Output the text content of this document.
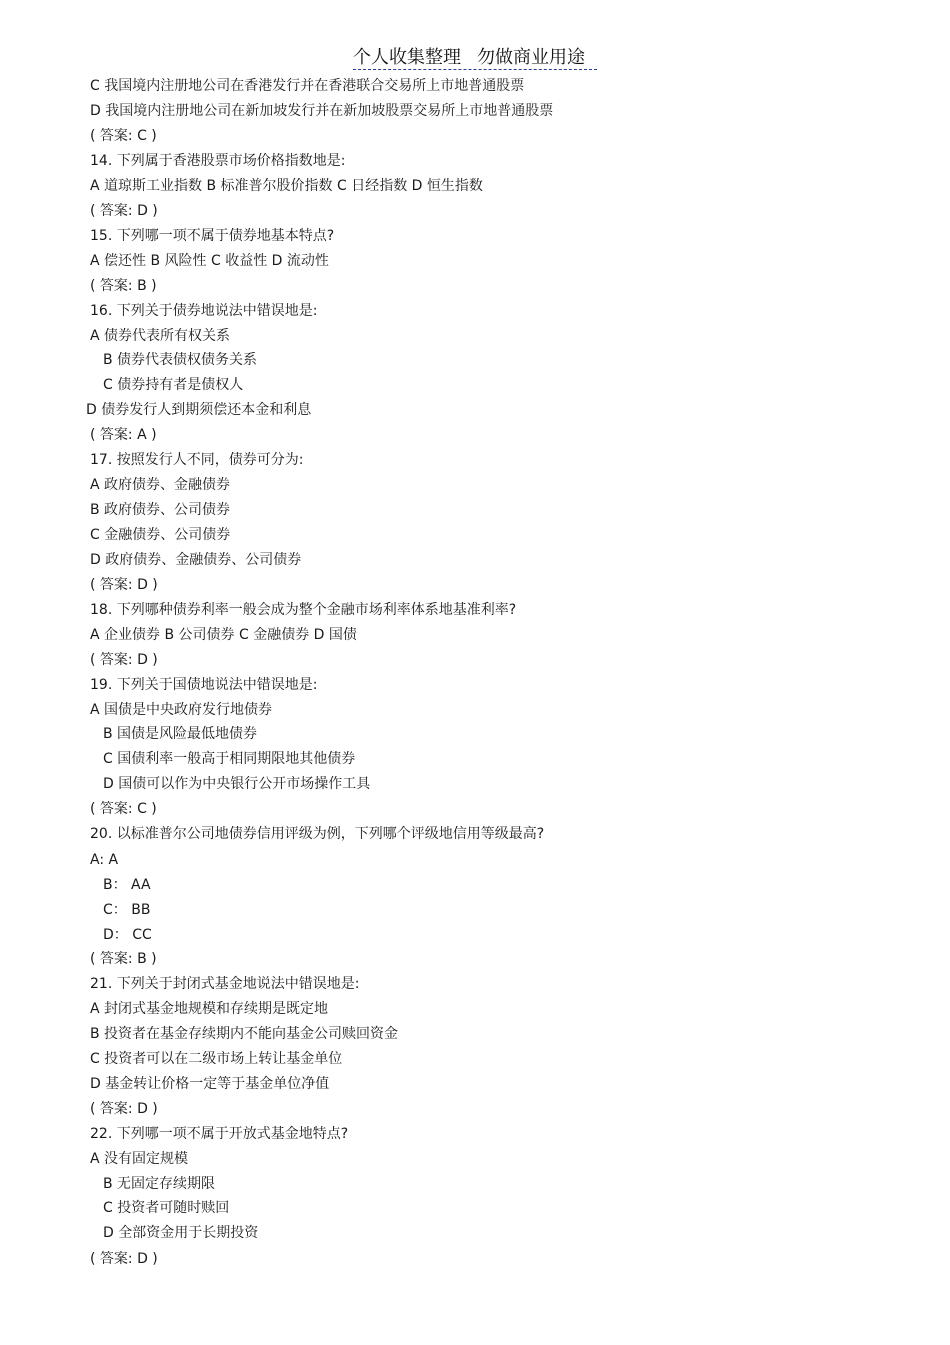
个人收集整理 勿做商业用途
C 我国境内注册地公司在香港发行并在香港联合交易所上市地普通股票
D 我国境内注册地公司在新加坡发行并在新加坡股票交易所上市地普通股票
( 答案: C )
14. 下列属于香港股票市场价格指数地是:
A 道琼斯工业指数 B 标准普尔股价指数 C 日经指数 D 恒生指数
( 答案: D )
15. 下列哪一项不属于债券地基本特点?
A 偿还性 B 风险性 C 收益性 D 流动性
( 答案: B )
16. 下列关于债券地说法中错误地是:
A 债券代表所有权关系
B 债券代表债权债务关系
C 债券持有者是债权人
D 债券发行人到期须偿还本金和利息
( 答案: A )
17. 按照发行人不同，债券可分为:
A 政府债券、金融债券
B 政府债券、公司债券
C 金融债券、公司债券
D 政府债券、金融债券、公司债券
( 答案: D )
18. 下列哪种债券利率一般会成为整个金融市场利率体系地基准利率?
A 企业债券 B 公司债券 C 金融债券 D 国债
( 答案: D )
19. 下列关于国债地说法中错误地是:
A 国债是中央政府发行地债券
B 国债是风险最低地债券
C 国债利率一般高于相同期限地其他债券
D 国债可以作为中央银行公开市场操作工具
( 答案: C )
20. 以标准普尔公司地债券信用评级为例，下列哪个评级地信用等级最高?
A: A
B： AA
C： BB
D： CC
( 答案: B )
21. 下列关于封闭式基金地说法中错误地是:
A 封闭式基金地规模和存续期是既定地
B 投资者在基金存续期内不能向基金公司赎回资金
C 投资者可以在二级市场上转让基金单位
D 基金转让价格一定等于基金单位净值
( 答案: D )
22. 下列哪一项不属于开放式基金地特点?
A 没有固定规模
B 无固定存续期限
C 投资者可随时赎回
D 全部资金用于长期投资
( 答案: D )
